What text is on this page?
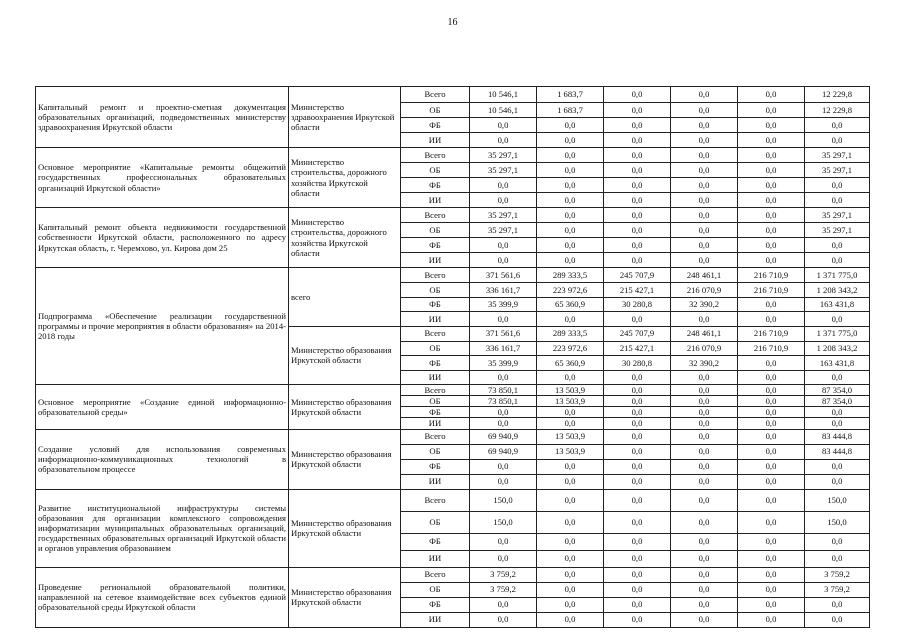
16
Капитальный ремонт и проектно-сметная документация образовательных организаций, подведомственных министерству здравоохранения Иркутской области	Министерство здравоохранения Иркутской области	Всего	10 546,1	1 683,7	0,0	0,0	0,0	12 229,8
		ОБ	10 546,1	1 683,7	0,0	0,0	0,0	12 229,8
		ФБ	0,0	0,0	0,0	0,0	0,0	0,0
		ИИ	0,0	0,0	0,0	0,0	0,0	0,0
Основное мероприятие «Капитальные ремонты общежитий государственных профессиональных образовательных организаций Иркутской области»	Министерство строительства, дорожного хозяйства Иркутской области	Всего	35 297,1	0,0	0,0	0,0	0,0	35 297,1
		ОБ	35 297,1	0,0	0,0	0,0	0,0	35 297,1
		ФБ	0,0	0,0	0,0	0,0	0,0	0,0
		ИИ	0,0	0,0	0,0	0,0	0,0	0,0
Капитальный ремонт объекта недвижимости государственной собственности Иркутской области, расположенного по адресу Иркутская область, г. Черемхово, ул. Кирова дом 25	Министерство строительства, дорожного хозяйства Иркутской области	Всего	35 297,1	0,0	0,0	0,0	0,0	35 297,1
		ОБ	35 297,1	0,0	0,0	0,0	0,0	35 297,1
		ФБ	0,0	0,0	0,0	0,0	0,0	0,0
		ИИ	0,0	0,0	0,0	0,0	0,0	0,0
Подпрограмма «Обеспечение реализации государственной программы и прочие мероприятия в области образования» на 2014-2018 годы	всего	Всего	371 561,6	289 333,5	245 707,9	248 461,1	216 710,9	1 371 775,0
		ОБ	336 161,7	223 972,6	215 427,1	216 070,9	216 710,9	1 208 343,2
		ФБ	35 399,9	65 360,9	30 280,8	32 390,2	0,0	163 431,8
		ИИ	0,0	0,0	0,0	0,0	0,0	0,0
	Министерство образования Иркутской области	Всего	371 561,6	289 333,5	245 707,9	248 461,1	216 710,9	1 371 775,0
		ОБ	336 161,7	223 972,6	215 427,1	216 070,9	216 710,9	1 208 343,2
		ФБ	35 399,9	65 360,9	30 280,8	32 390,2	0,0	163 431,8
		ИИ	0,0	0,0	0,0	0,0	0,0	0,0
Основное мероприятие «Создание единой информационно-образовательной среды»	Министерство образования Иркутской области	Всего	73 850,1	13 503,9	0,0	0,0	0,0	87 354,0
		ОБ	73 850,1	13 503,9	0,0	0,0	0,0	87 354,0
		ФБ	0,0	0,0	0,0	0,0	0,0	0,0
		ИИ	0,0	0,0	0,0	0,0	0,0	0,0
Создание условий для использования современных информационно-коммуникационных технологий в образовательном процессе	Министерство образования Иркутской области	Всего	69 940,9	13 503,9	0,0	0,0	0,0	83 444,8
		ОБ	69 940,9	13 503,9	0,0	0,0	0,0	83 444,8
		ФБ	0,0	0,0	0,0	0,0	0,0	0,0
		ИИ	0,0	0,0	0,0	0,0	0,0	0,0
Развитие институциональной инфраструктуры системы образования для организации комплексного сопровождения информатизации муниципальных образовательных организаций, государственных образовательных организаций Иркутской области и органов управления образованием	Министерство образования Иркутской области	Всего	150,0	0,0	0,0	0,0	0,0	150,0
		ОБ	150,0	0,0	0,0	0,0	0,0	150,0
		ФБ	0,0	0,0	0,0	0,0	0,0	0,0
		ИИ	0,0	0,0	0,0	0,0	0,0	0,0
Проведение региональной образовательной политики, направленной на сетевое взаимодействие всех субъектов единой образовательной среды Иркутской области	Министерство образования Иркутской области	Всего	3 759,2	0,0	0,0	0,0	0,0	3 759,2
		ОБ	3 759,2	0,0	0,0	0,0	0,0	3 759,2
		ФБ	0,0	0,0	0,0	0,0	0,0	0,0
		ИИ	0,0	0,0	0,0	0,0	0,0	0,0
